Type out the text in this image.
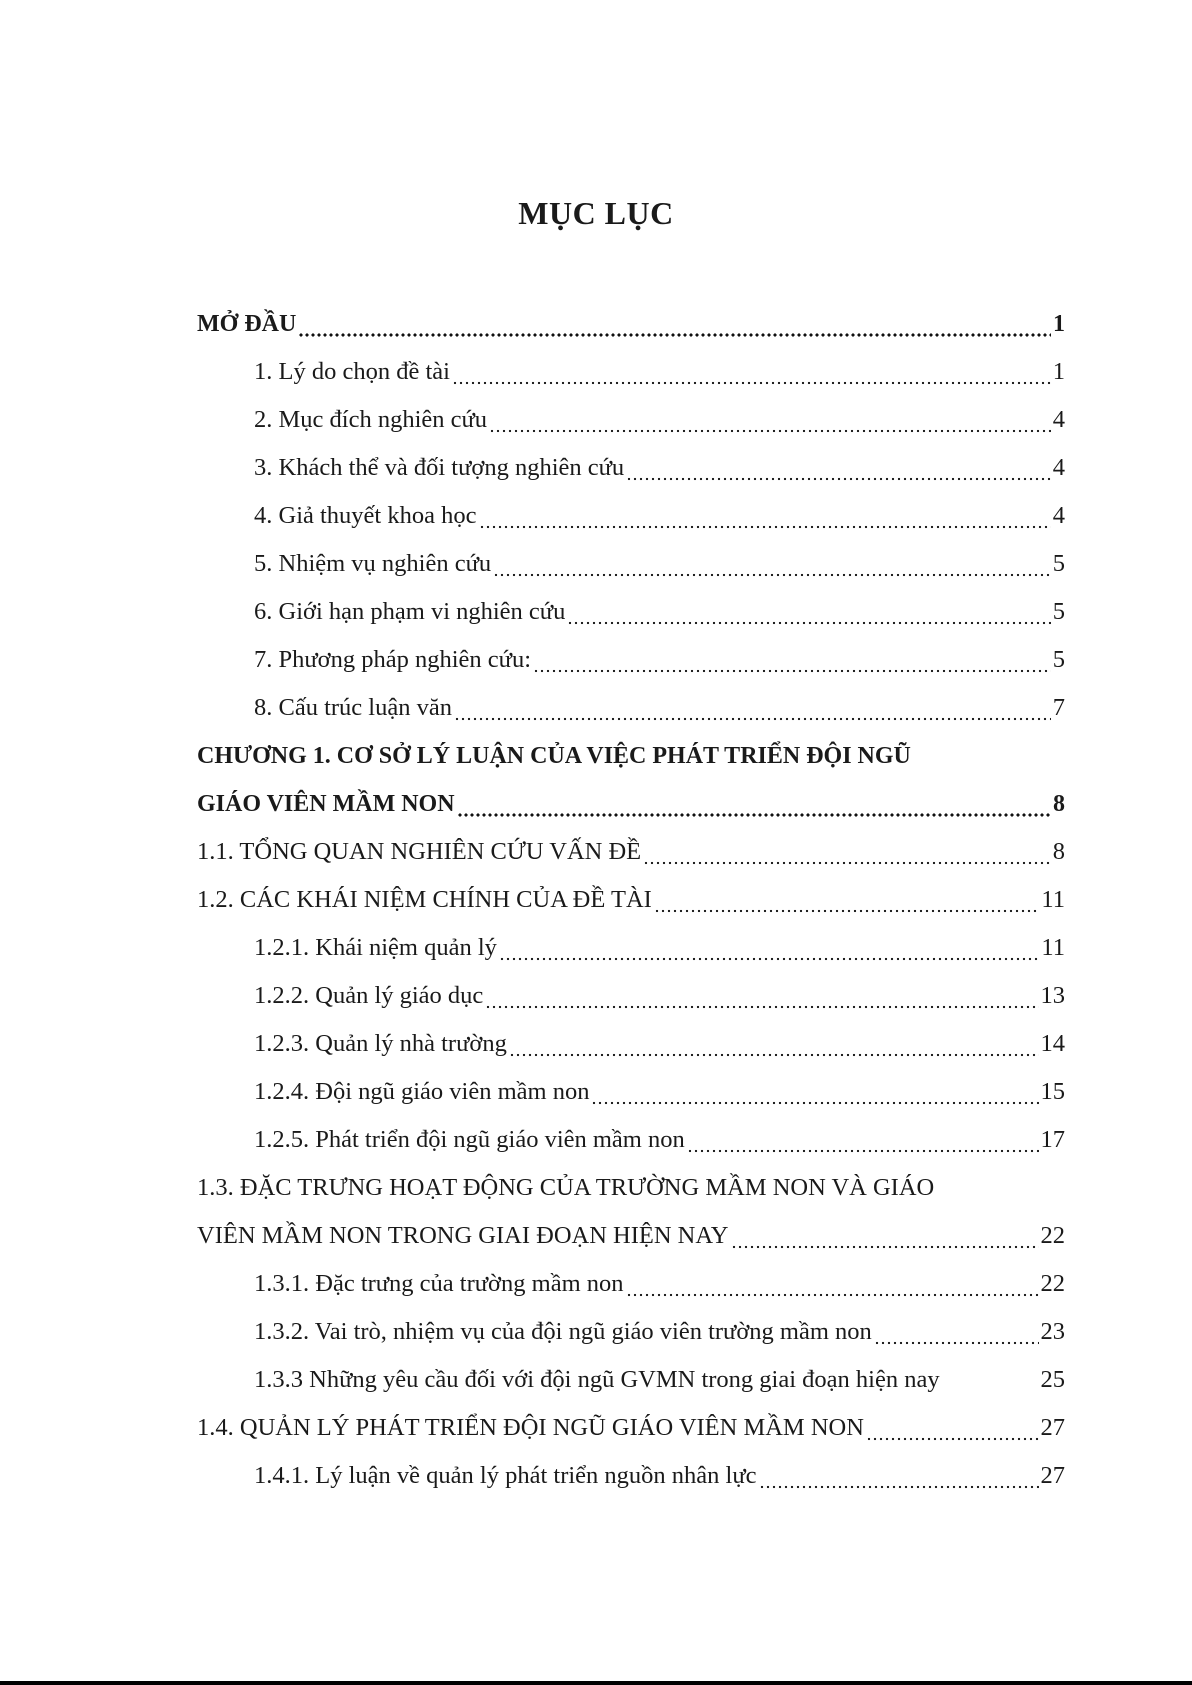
MỤC LỤC
MỞ ĐẦU	1
1. Lý do chọn đề tài	1
2. Mục đích nghiên cứu	4
3. Khách thể và đối tượng nghiên cứu	4
4. Giả thuyết khoa học	4
5. Nhiệm vụ nghiên cứu	5
6. Giới hạn phạm vi nghiên cứu	5
7. Phương pháp nghiên cứu:	5
8. Cấu trúc luận văn	7
CHƯƠNG 1. CƠ SỞ LÝ LUẬN CỦA VIỆC PHÁT TRIỂN ĐỘI NGŨ
GIÁO VIÊN MẦM NON	8
1.1. TỔNG QUAN NGHIÊN CỨU VẤN ĐỀ	8
1.2. CÁC KHÁI NIỆM CHÍNH CỦA ĐỀ TÀI	11
1.2.1. Khái niệm quản lý	11
1.2.2. Quản lý giáo dục	13
1.2.3. Quản lý nhà trường	14
1.2.4. Đội ngũ giáo viên mầm non	15
1.2.5. Phát triển đội ngũ giáo viên mầm non	17
1.3. ĐẶC TRƯNG HOẠT ĐỘNG CỦA TRƯỜNG MẦM NON VÀ GIÁO
VIÊN MẦM NON TRONG GIAI ĐOẠN HIỆN NAY	22
1.3.1. Đặc trưng của trường mầm non	22
1.3.2. Vai trò, nhiệm vụ của đội ngũ giáo viên trường mầm non	23
1.3.3 Những yêu cầu đối với đội ngũ GVMN trong giai đoạn hiện nay	25
1.4. QUẢN LÝ PHÁT TRIỂN ĐỘI NGŨ GIÁO VIÊN MẦM NON	27
1.4.1. Lý luận về quản lý phát triển nguồn nhân lực	27
